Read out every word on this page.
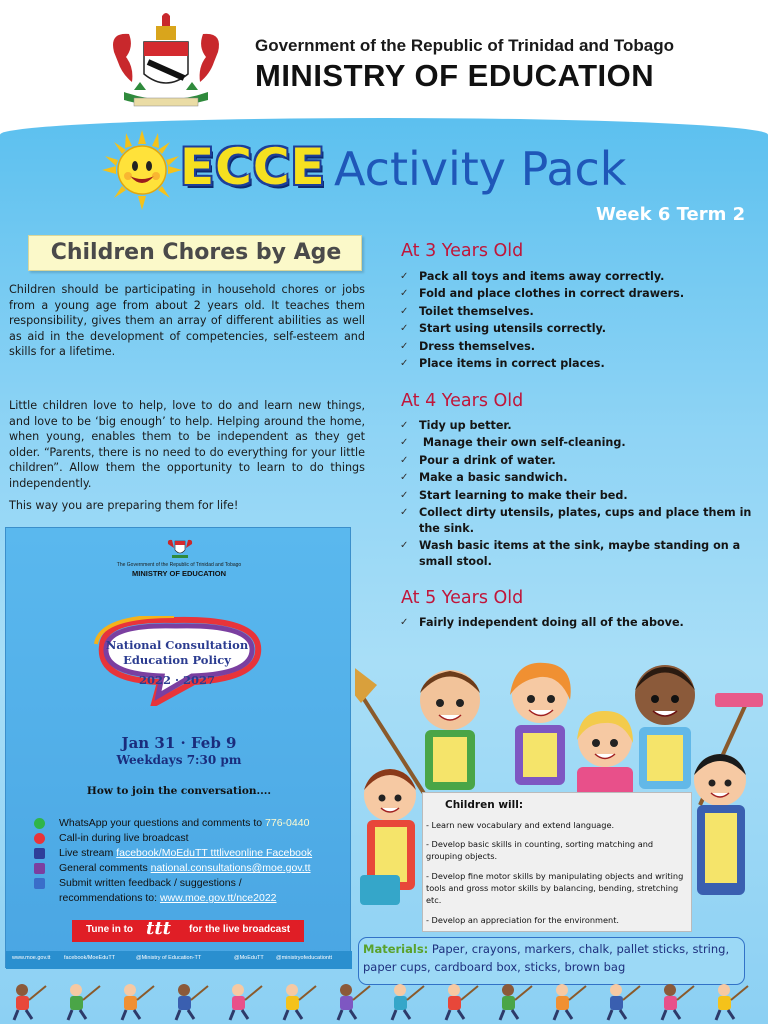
Government of the Republic of Trinidad and Tobago
MINISTRY OF EDUCATION
ECCE Activity Pack
Week 6 Term 2
Children Chores by Age
Children should be participating in household chores or jobs from a young age from about 2 years old. It teaches them responsibility, gives them an array of different abilities as well as aid in the development of competencies, self-esteem and skills for a lifetime.
Little children love to help, love to do and learn new things, and love to be ‘big enough’ to help. Helping around the home, when young, enables them to be independent as they get older. “Parents, there is no need to do everything for your little children”. Allow them the opportunity to learn to do things independently.
This way you are preparing them for life!
At 3 Years Old
✓ Pack all toys and items away correctly.
✓ Fold and place clothes in correct drawers.
✓ Toilet themselves.
✓ Start using utensils correctly.
✓ Dress themselves.
✓ Place items in correct places.
At 4 Years Old
✓ Tidy up better.
✓ Manage their own self-cleaning.
✓ Pour a drink of water.
✓ Make a basic sandwich.
✓ Start learning to make their bed.
✓ Collect dirty utensils, plates, cups and place them in the sink.
✓ Wash basic items at the sink, maybe standing on a small stool.
At 5 Years Old
✓ Fairly independent doing all of the above.
The Government of the Republic of Trinidad and Tobago
MINISTRY OF EDUCATION
National Consultation Education Policy
2022 · 2027
Jan 31 · Feb 9
Weekdays 7:30 pm
How to join the conversation....
WhatsApp your questions and comments to 776-0440
Call-in during live broadcast
Live stream facebook/MoEduTT tttliveonline Facebook
General comments national.consultations@moe.gov.tt
Submit written feedback / suggestions /
recommendations to: www.moe.gov.tt/nce2022
Tune in to ttt for the live broadcast
www.moe.gov.tt facebook/MoeEduTT	@Ministry of Education-TT	@MoEduTT @ministryofeducationtt
Children will:
- Learn new vocabulary and extend language.
- Develop basic skills in counting, sorting matching and grouping objects.
- Develop fine motor skills by manipulating objects and writing tools and gross motor skills by balancing, bending, stretching etc.
- Develop an appreciation for the environment.
Materials: Paper, crayons, markers, chalk, pallet sticks, string, paper cups, cardboard box, sticks, brown bag
